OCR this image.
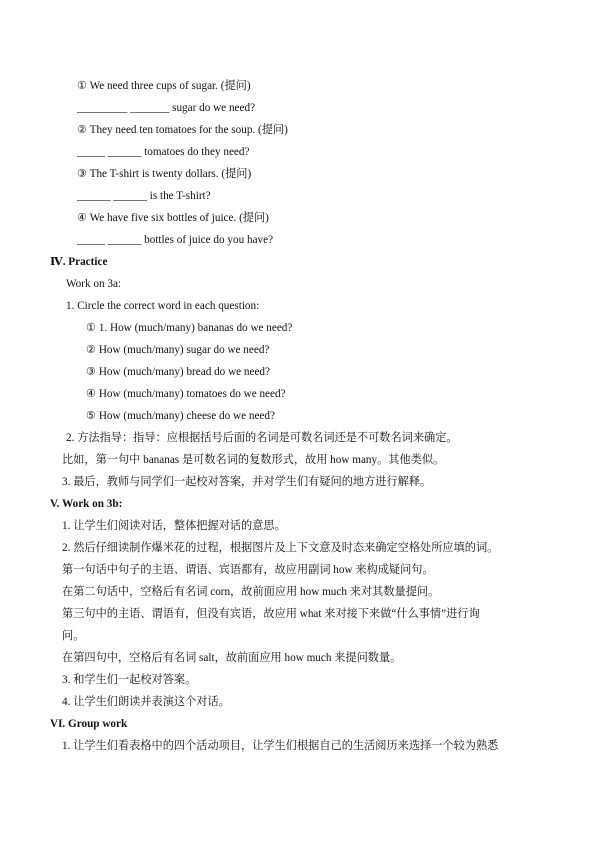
① We need three cups of sugar. (提问)
_________ _______ sugar do we need?
② They need ten tomatoes for the soup. (提问)
_____ ______ tomatoes do they need?
③ The T-shirt is twenty dollars. (提问)
______ ______ is the T-shirt?
④ We have five six bottles of juice. (提问)
_____ ______ bottles of juice do you have?
Ⅳ. Practice
Work on 3a:
1. Circle the correct word in each question:
① 1. How (much/many) bananas do we need?
② How (much/many) sugar do we need?
③ How (much/many) bread do we need?
④ How (much/many) tomatoes do we need?
⑤ How (much/many) cheese do we need?
2. 方法指导：指导：应根据括号后面的名词是可数名词还是不可数名词来确定。
比如，第一句中 bananas 是可数名词的复数形式，故用 how many。其他类似。
3. 最后，教师与同学们一起校对答案，并对学生们有疑问的地方进行解释。
V. Work on 3b:
1. 让学生们阅读对话，整体把握对话的意思。
2. 然后仔细读制作爆米花的过程，根据图片及上下文意及时态来确定空格处所应填的词。
第一句话中句子的主语、谓语、宾语都有，故应用副词 how 来构成疑问句。
在第二句话中，空格后有名词 corn，故前面应用 how much 来对其数量提问。
第三句中的主语、谓语有，但没有宾语，故应用 what 来对接下来做“什么事情”进行询
问。
在第四句中，空格后有名词 salt，故前面应用 how much 来提问数量。
3. 和学生们一起校对答案。
4. 让学生们朗读并表演这个对话。
VI. Group work
1. 让学生们看表格中的四个活动项目，让学生们根据自己的生活阅历来选择一个较为熟悉
